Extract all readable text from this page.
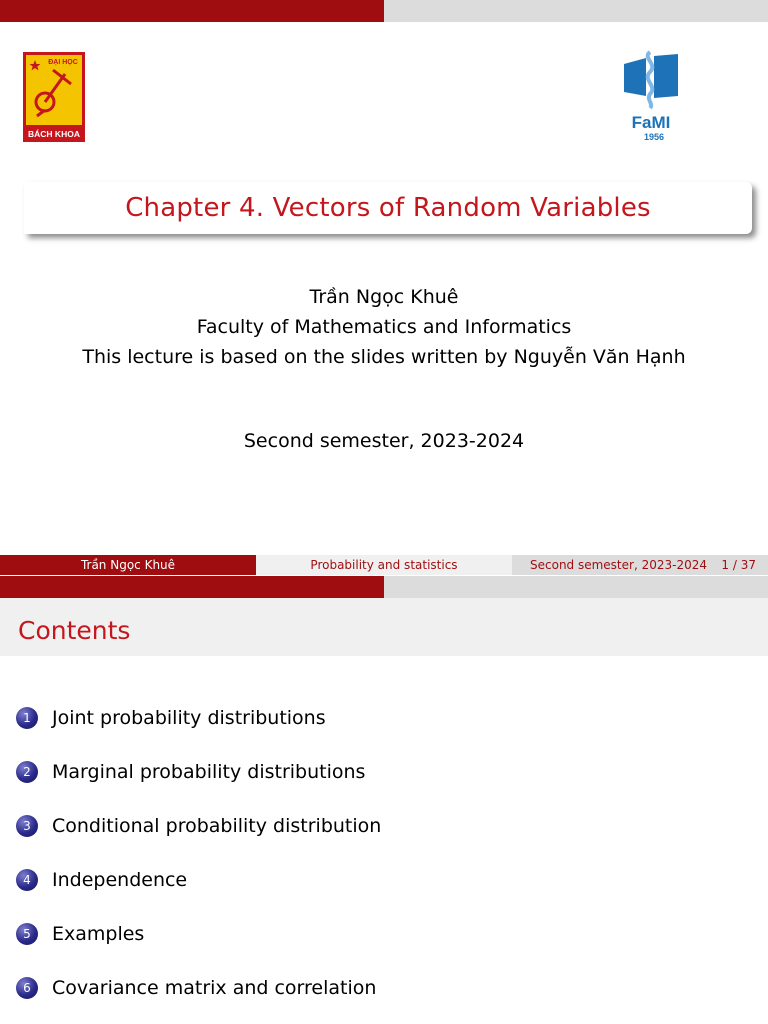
ĐẠI HỌC
BÁCH KHOA
FaMI
1956
Chapter 4. Vectors of Random Variables
Trần Ngọc Khuê
Faculty of Mathematics and Informatics
This lecture is based on the slides written by Nguyễn Văn Hạnh
Second semester, 2023-2024
Trần Ngọc Khuê	Probability and statistics	Second semester, 2023-2024 1 / 37
Contents
1	Joint probability distributions
2	Marginal probability distributions
3	Conditional probability distribution
4	Independence
5	Examples
6	Covariance matrix and correlation
